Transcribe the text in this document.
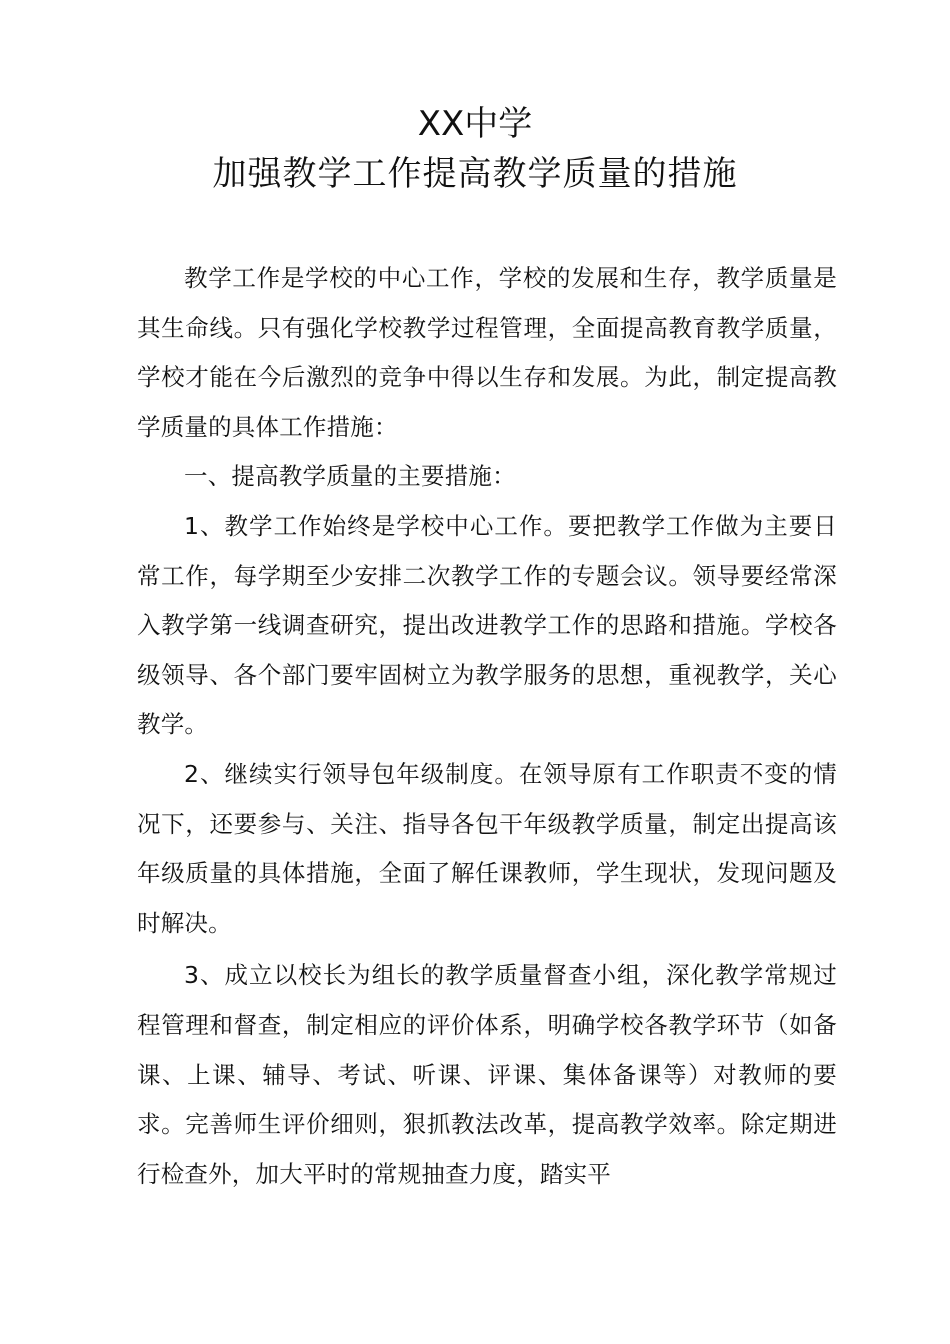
XX中学
加强教学工作提高教学质量的措施

教学工作是学校的中心工作，学校的发展和生存，教学质量是其生命线。只有强化学校教学过程管理，全面提高教育教学质量，学校才能在今后激烈的竞争中得以生存和发展。为此，制定提高教学质量的具体工作措施：

一、提高教学质量的主要措施：

1、教学工作始终是学校中心工作。要把教学工作做为主要日常工作，每学期至少安排二次教学工作的专题会议。领导要经常深入教学第一线调查研究，提出改进教学工作的思路和措施。学校各级领导、各个部门要牢固树立为教学服务的思想，重视教学，关心教学。

2、继续实行领导包年级制度。在领导原有工作职责不变的情况下，还要参与、关注、指导各包干年级教学质量，制定出提高该年级质量的具体措施，全面了解任课教师，学生现状，发现问题及时解决。

3、成立以校长为组长的教学质量督查小组，深化教学常规过程管理和督查，制定相应的评价体系，明确学校各教学环节（如备课、上课、辅导、考试、听课、评课、集体备课等）对教师的要求。完善师生评价细则，狠抓教法改革，提高教学效率。除定期进行检查外，加大平时的常规抽查力度，踏实平
